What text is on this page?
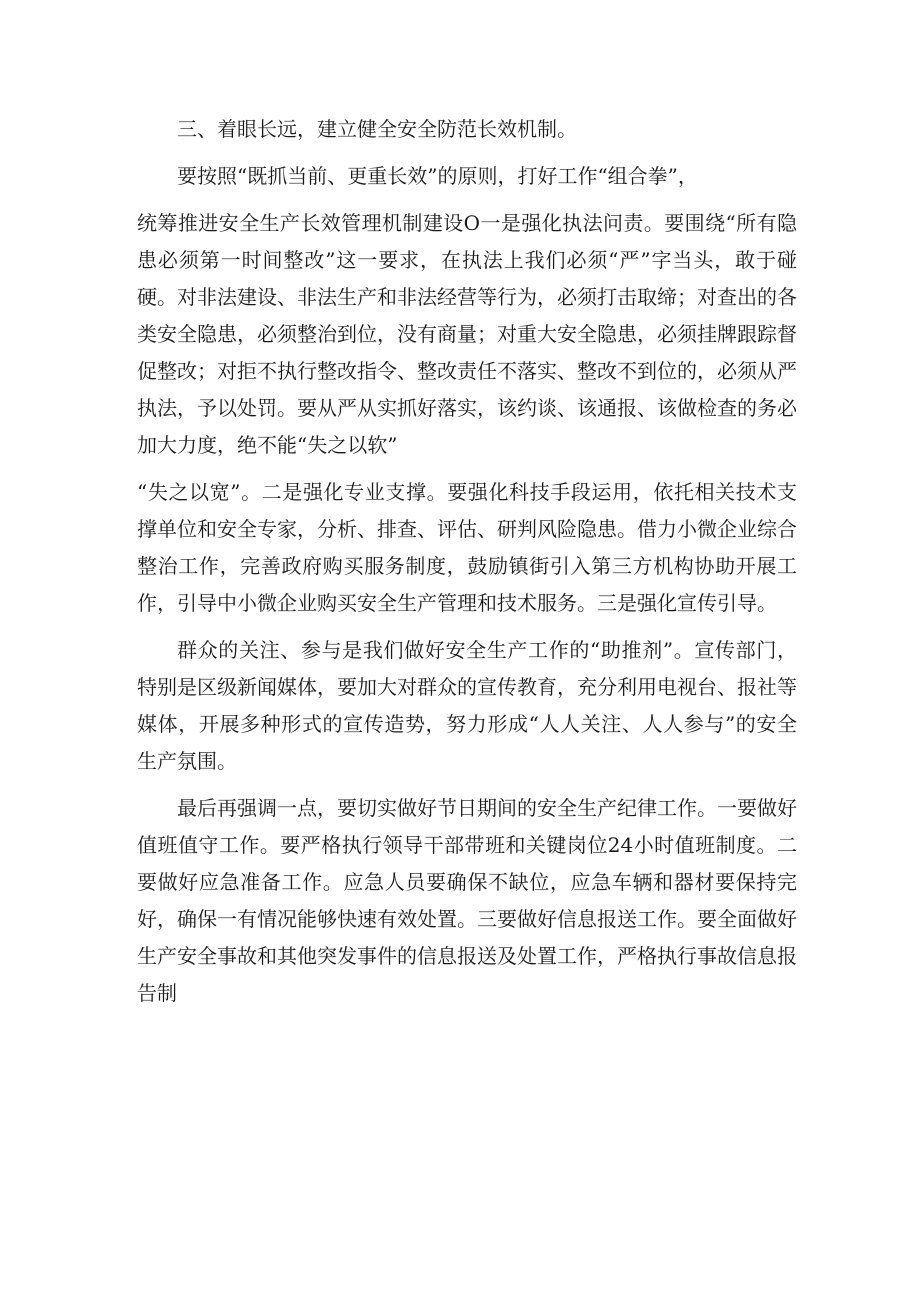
三、着眼长远，建立健全安全防范长效机制。

要按照“既抓当前、更重长效”的原则，打好工作“组合拳”，

统筹推进安全生产长效管理机制建设O一是强化执法问责。要围绕“所有隐患必须第一时间整改”这一要求，在执法上我们必须“严”字当头，敢于碰硬。对非法建设、非法生产和非法经营等行为，必须打击取缔；对查出的各类安全隐患，必须整治到位，没有商量；对重大安全隐患，必须挂牌跟踪督促整改；对拒不执行整改指令、整改责任不落实、整改不到位的，必须从严执法，予以处罚。要从严从实抓好落实，该约谈、该通报、该做检查的务必加大力度，绝不能“失之以软”

“失之以宽”。二是强化专业支撑。要强化科技手段运用，依托相关技术支撑单位和安全专家，分析、排查、评估、研判风险隐患。借力小微企业综合整治工作，完善政府购买服务制度，鼓励镇街引入第三方机构协助开展工作，引导中小微企业购买安全生产管理和技术服务。三是强化宣传引导。

群众的关注、参与是我们做好安全生产工作的“助推剂”。宣传部门，特别是区级新闻媒体，要加大对群众的宣传教育，充分利用电视台、报社等媒体，开展多种形式的宣传造势，努力形成“人人关注、人人参与”的安全生产氛围。

最后再强调一点，要切实做好节日期间的安全生产纪律工作。一要做好值班值守工作。要严格执行领导干部带班和关键岗位24小时值班制度。二要做好应急准备工作。应急人员要确保不缺位，应急车辆和器材要保持完好，确保一有情况能够快速有效处置。三要做好信息报送工作。要全面做好生产安全事故和其他突发事件的信息报送及处置工作，严格执行事故信息报告制
